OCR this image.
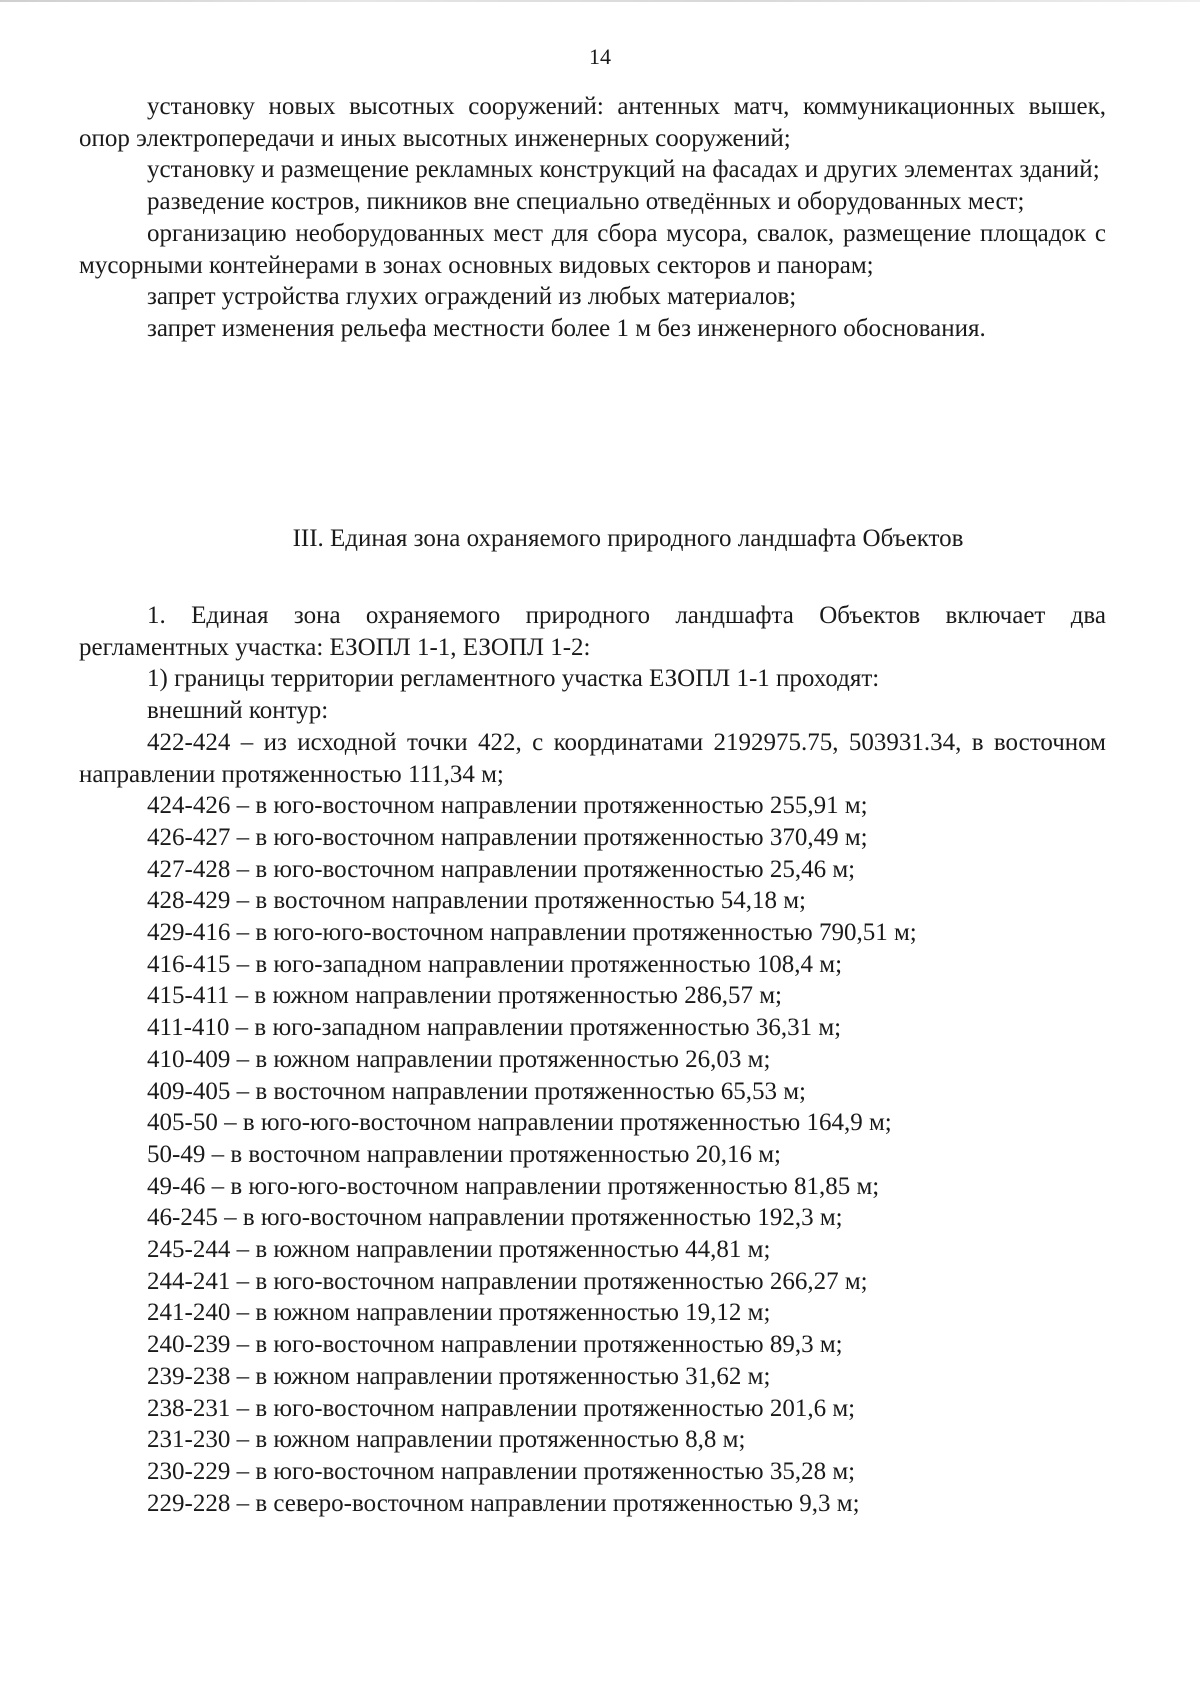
14

установку новых высотных сооружений: антенных матч, коммуникационных вышек, опор электропередачи и иных высотных инженерных сооружений;

установку и размещение рекламных конструкций на фасадах и других элементах зданий;

разведение костров, пикников вне специально отведённых и оборудованных мест;

организацию необорудованных мест для сбора мусора, свалок, размещение площадок с мусорными контейнерами в зонах основных видовых секторов и панорам;

запрет устройства глухих ограждений из любых материалов;

запрет изменения рельефа местности более 1 м без инженерного обоснования.

III. Единая зона охраняемого природного ландшафта Объектов

1. Единая зона охраняемого природного ландшафта Объектов включает два регламентных участка: ЕЗОПЛ 1-1, ЕЗОПЛ 1-2:

1) границы территории регламентного участка ЕЗОПЛ 1-1 проходят:

внешний контур:

422-424 – из исходной точки 422, с координатами 2192975.75, 503931.34, в восточном направлении протяженностью 111,34 м;

424-426 – в юго-восточном направлении протяженностью 255,91 м;

426-427 – в юго-восточном направлении протяженностью 370,49 м;

427-428 – в юго-восточном направлении протяженностью 25,46 м;

428-429 – в восточном направлении протяженностью 54,18 м;

429-416 – в юго-юго-восточном направлении протяженностью 790,51 м;

416-415 – в юго-западном направлении протяженностью 108,4 м;

415-411 – в южном направлении протяженностью 286,57 м;

411-410 – в юго-западном направлении протяженностью 36,31 м;

410-409 – в южном направлении протяженностью 26,03 м;

409-405 – в восточном направлении протяженностью 65,53 м;

405-50 – в юго-юго-восточном направлении протяженностью 164,9 м;

50-49 – в восточном направлении протяженностью 20,16 м;

49-46 – в юго-юго-восточном направлении протяженностью 81,85 м;

46-245 – в юго-восточном направлении протяженностью 192,3 м;

245-244 – в южном направлении протяженностью 44,81 м;

244-241 – в юго-восточном направлении протяженностью 266,27 м;

241-240 – в южном направлении протяженностью 19,12 м;

240-239 – в юго-восточном направлении протяженностью 89,3 м;

239-238 – в южном направлении протяженностью 31,62 м;

238-231 – в юго-восточном направлении протяженностью 201,6 м;

231-230 – в южном направлении протяженностью 8,8 м;

230-229 – в юго-восточном направлении протяженностью 35,28 м;

229-228 – в северо-восточном направлении протяженностью 9,3 м;
